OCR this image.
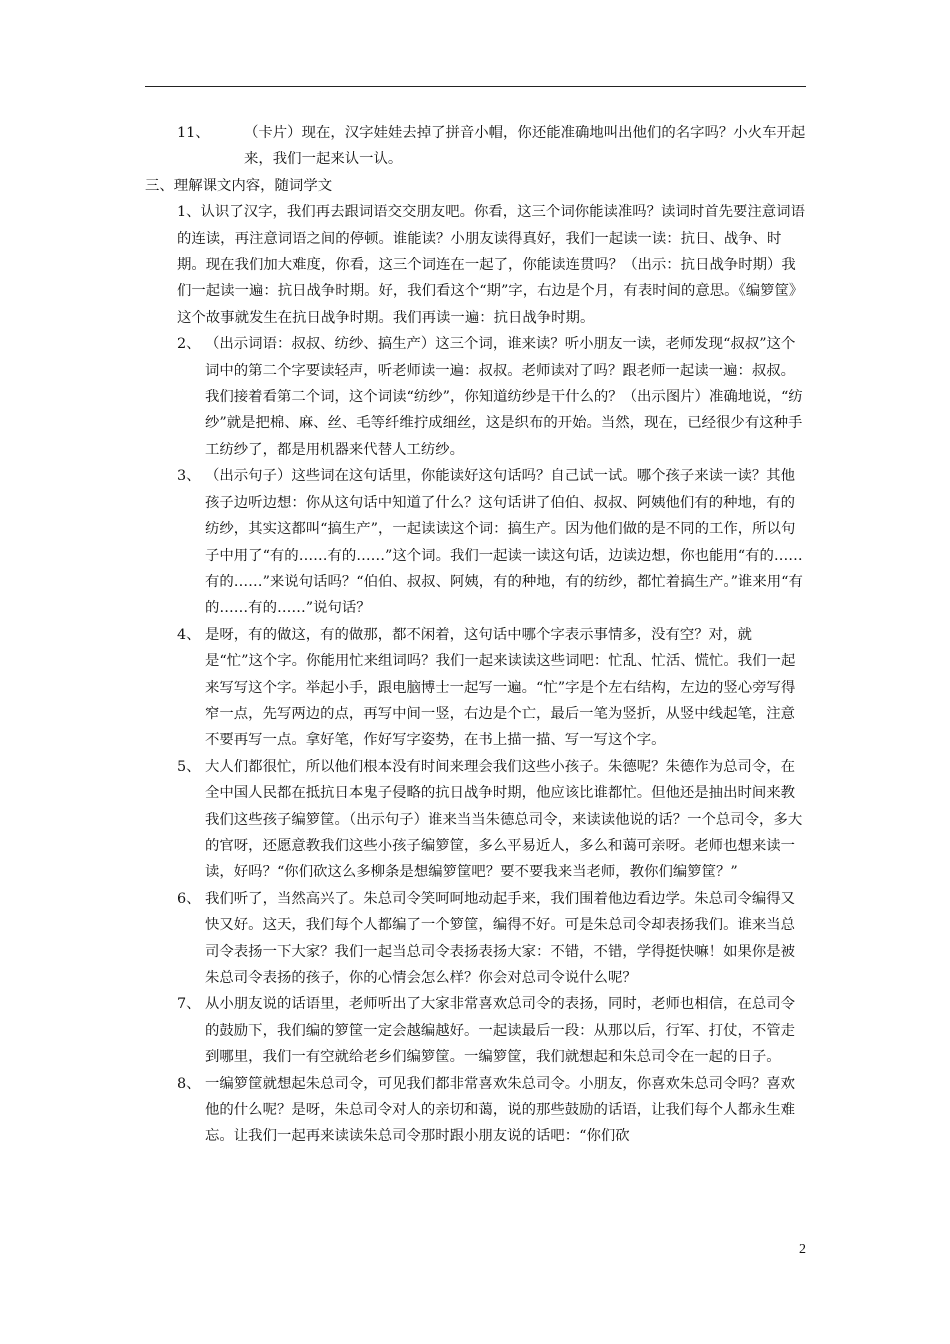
11、	（卡片）现在，汉字娃娃去掉了拼音小帽，你还能准确地叫出他们的名字吗？小火车开起来，我们一起来认一认。
三、 理解课文内容，随词学文
1、认识了汉字，我们再去跟词语交交朋友吧。你看，这三个词你能读准吗？读词时首先要注意词语的连读，再注意词语之间的停顿。谁能读？小朋友读得真好，我们一起读一读：抗日、战争、时期。现在我们加大难度，你看，这三个词连在一起了，你能读连贯吗？（出示：抗日战争时期）我们一起读一遍：抗日战争时期。好，我们看这个“期”字，右边是个月，有表时间的意思。《编箩筐》这个故事就发生在抗日战争时期。我们再读一遍：抗日战争时期。
2、 （出示词语：叔叔、纺纱、搞生产）这三个词，谁来读？听小朋友一读，老师发现“叔叔”这个词中的第二个字要读轻声，听老师读一遍：叔叔。老师读对了吗？跟老师一起读一遍：叔叔。我们接着看第二个词，这个词读“纺纱”，你知道纺纱是干什么的？（出示图片）准确地说，“纺纱”就是把棉、麻、丝、毛等纤维拧成细丝，这是织布的开始。当然，现在，已经很少有这种手工纺纱了，都是用机器来代替人工纺纱。
3、 （出示句子）这些词在这句话里，你能读好这句话吗？自己试一试。哪个孩子来读一读？其他孩子边听边想：你从这句话中知道了什么？这句话讲了伯伯、叔叔、阿姨他们有的种地，有的纺纱，其实这都叫“搞生产”，一起读读这个词：搞生产。因为他们做的是不同的工作，所以句子中用了“有的……有的……”这个词。我们一起读一读这句话，边读边想，你也能用“有的……有的……”来说句话吗？“伯伯、叔叔、阿姨，有的种地，有的纺纱，都忙着搞生产。”谁来用“有的……有的……”说句话？
4、 是呀，有的做这，有的做那，都不闲着，这句话中哪个字表示事情多，没有空？对，就是“忙”这个字。你能用忙来组词吗？我们一起来读读这些词吧：忙乱、忙活、慌忙。我们一起来写写这个字。举起小手，跟电脑博士一起写一遍。“忙”字是个左右结构，左边的竖心旁写得窄一点，先写两边的点，再写中间一竖，右边是个亡，最后一笔为竖折，从竖中线起笔，注意不要再写一点。拿好笔，作好写字姿势，在书上描一描、写一写这个字。
5、 大人们都很忙，所以他们根本没有时间来理会我们这些小孩子。朱德呢？朱德作为总司令，在全中国人民都在抵抗日本鬼子侵略的抗日战争时期，他应该比谁都忙。但他还是抽出时间来教我们这些孩子编箩筐。（出示句子）谁来当当朱德总司令，来读读他说的话？一个总司令，多大的官呀，还愿意教我们这些小孩子编箩筐，多么平易近人，多么和蔼可亲呀。老师也想来读一读，好吗？“你们砍这么多柳条是想编箩筐吧？要不要我来当老师，教你们编箩筐？”
6、 我们听了，当然高兴了。朱总司令笑呵呵地动起手来，我们围着他边看边学。朱总司令编得又快又好。这天，我们每个人都编了一个箩筐，编得不好。可是朱总司令却表扬我们。谁来当总司令表扬一下大家？我们一起当总司令表扬表扬大家：不错，不错，学得挺快嘛！如果你是被朱总司令表扬的孩子，你的心情会怎么样？你会对总司令说什么呢？
7、 从小朋友说的话语里，老师听出了大家非常喜欢总司令的表扬，同时，老师也相信，在总司令的鼓励下，我们编的箩筐一定会越编越好。一起读最后一段：从那以后，行军、打仗，不管走到哪里，我们一有空就给老乡们编箩筐。一编箩筐，我们就想起和朱总司令在一起的日子。
8、 一编箩筐就想起朱总司令，可见我们都非常喜欢朱总司令。小朋友，你喜欢朱总司令吗？喜欢他的什么呢？是呀，朱总司令对人的亲切和蔼，说的那些鼓励的话语，让我们每个人都永生难忘。让我们一起再来读读朱总司令那时跟小朋友说的话吧：“你们砍
2
